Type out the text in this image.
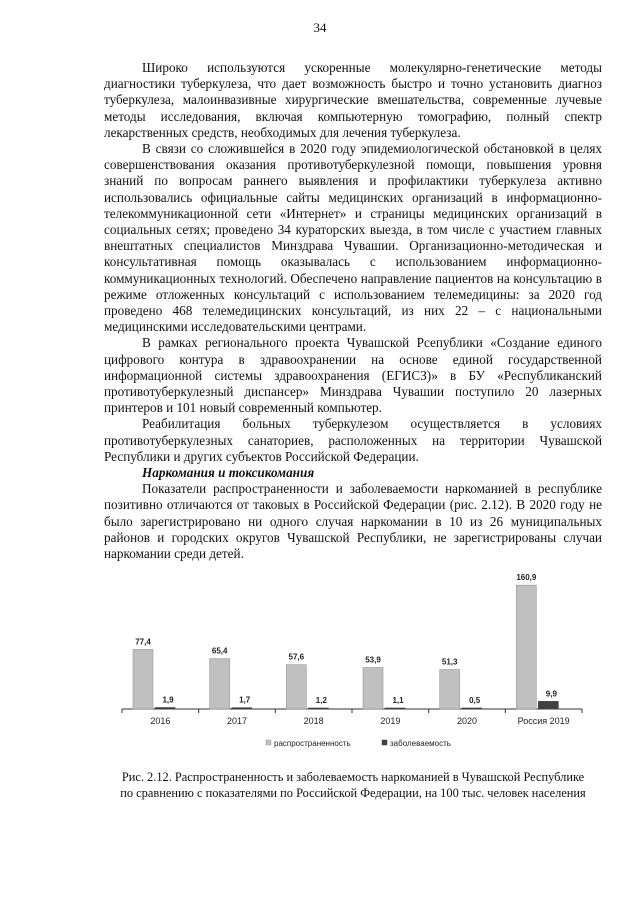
34

Широко используются ускоренные молекулярно-генетические методы диагностики туберкулеза, что дает возможность быстро и точно установить диагноз туберкулеза, малоинвазивные хирургические вмешательства, современные лучевые методы исследования, включая компьютерную томографию, полный спектр лекарственных средств, необходимых для лечения туберкулеза.

В связи со сложившейся в 2020 году эпидемиологической обстановкой в целях совершенствования оказания противотуберкулезной помощи, повышения уровня знаний по вопросам раннего выявления и профилактики туберкулеза активно использовались официальные сайты медицинских организаций в информационно-телекоммуникационной сети «Интернет» и страницы медицинских организаций в социальных сетях; проведено 34 кураторских выезда, в том числе с участием главных внештатных специалистов Минздрава Чувашии. Организационно-методическая и консультативная помощь оказывалась с использованием информационно-коммуникационных технологий. Обеспечено направление пациентов на консультацию в режиме отложенных консультаций с использованием телемедицины: за 2020 год проведено 468 телемедицинских консультаций, из них 22 – с национальными медицинскими исследовательскими центрами.

В рамках регионального проекта Чувашской Рсепублики «Создание единого цифрового контура в здравоохранении на основе единой государственной информационной системы здравоохранения (ЕГИСЗ)» в БУ «Республиканский противотуберкулезный диспансер» Минздрава Чувашии поступило 20 лазерных принтеров и 101 новый современный компьютер.

Реабилитация больных туберкулезом осуществляется в условиях противотуберкулезных санаториев, расположенных на территории Чувашской Республики и других субъектов Российской Федерации.

Наркомания и токсикомания

Показатели распространенности и заболеваемости наркоманией в республике позитивно отличаются от таковых в Российской Федерации (рис. 2.12). В 2020 году не было зарегистрировано ни одного случая наркомании в 10 из 26 муниципальных районов и городских округов Чувашской Республики, не зарегистрированы случаи наркомании среди детей.

77,4
1,9
2016
65,4
1,7
2017
57,6
1,2
2018
53,9
1,1
2019
51,3
0,5
2020
160,9
9,9
Россия 2019
распространенность	заболеваемость
Рис. 2.12. Распространенность и заболеваемость наркоманией в Чувашской Республике
по сравнению с показателями по Российской Федерации, на 100 тыс. человек населения
